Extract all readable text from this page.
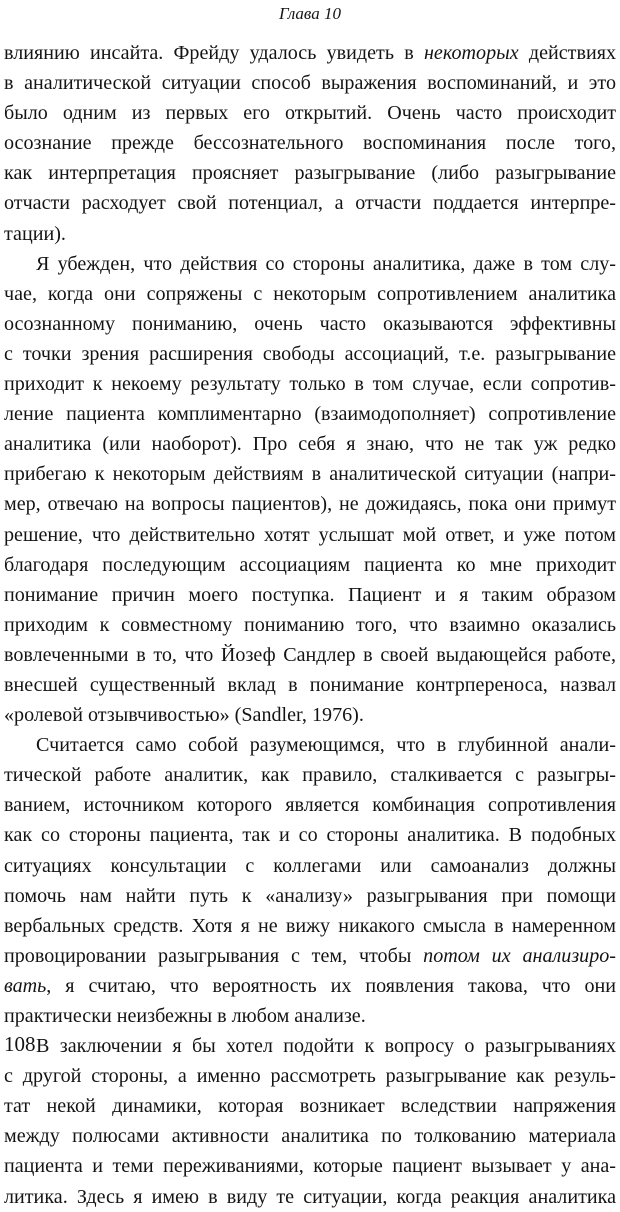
Глава 10
влиянию инсайта. Фрейду удалось увидеть в некоторых действиях
в аналитической ситуации способ выражения воспоминаний, и это
было одним из первых его открытий. Очень часто происходит
осознание прежде бессознательного воспоминания после того,
как интерпретация проясняет разыгрывание (либо разыгрывание
отчасти расходует свой потенциал, а отчасти поддается интерпре-
тации).
Я убежден, что действия со стороны аналитика, даже в том слу-
чае, когда они сопряжены с некоторым сопротивлением аналитика
осознанному пониманию, очень часто оказываются эффективны
с точки зрения расширения свободы ассоциаций, т.е. разыгрывание
приходит к некоему результату только в том случае, если сопротив-
ление пациента комплиментарно (взаимодополняет) сопротивление
аналитика (или наоборот). Про себя я знаю, что не так уж редко
прибегаю к некоторым действиям в аналитической ситуации (напри-
мер, отвечаю на вопросы пациентов), не дожидаясь, пока они примут
решение, что действительно хотят услышат мой ответ, и уже потом
благодаря последующим ассоциациям пациента ко мне приходит
понимание причин моего поступка. Пациент и я таким образом
приходим к совместному пониманию того, что взаимно оказались
вовлеченными в то, что Йозеф Сандлер в своей выдающейся работе,
внесшей существенный вклад в понимание контрпереноса, назвал
«ролевой отзывчивостью» (Sandler, 1976).
Считается само собой разумеющимся, что в глубинной анали-
тической работе аналитик, как правило, сталкивается с разыгры-
ванием, источником которого является комбинация сопротивления
как со стороны пациента, так и со стороны аналитика. В подобных
ситуациях консультации с коллегами или самоанализ должны
помочь нам найти путь к «анализу» разыгрывания при помощи
вербальных средств. Хотя я не вижу никакого смысла в намеренном
провоцировании разыгрывания с тем, чтобы потом их анализиро-
вать, я считаю, что вероятность их появления такова, что они
практически неизбежны в любом анализе.
В заключении я бы хотел подойти к вопросу о разыгрываниях
с другой стороны, а именно рассмотреть разыгрывание как резуль-
тат некой динамики, которая возникает вследствии напряжения
между полюсами активности аналитика по толкованию материала
пациента и теми переживаниями, которые пациент вызывает у ана-
литика. Здесь я имею в виду те ситуации, когда реакция аналитика
108
